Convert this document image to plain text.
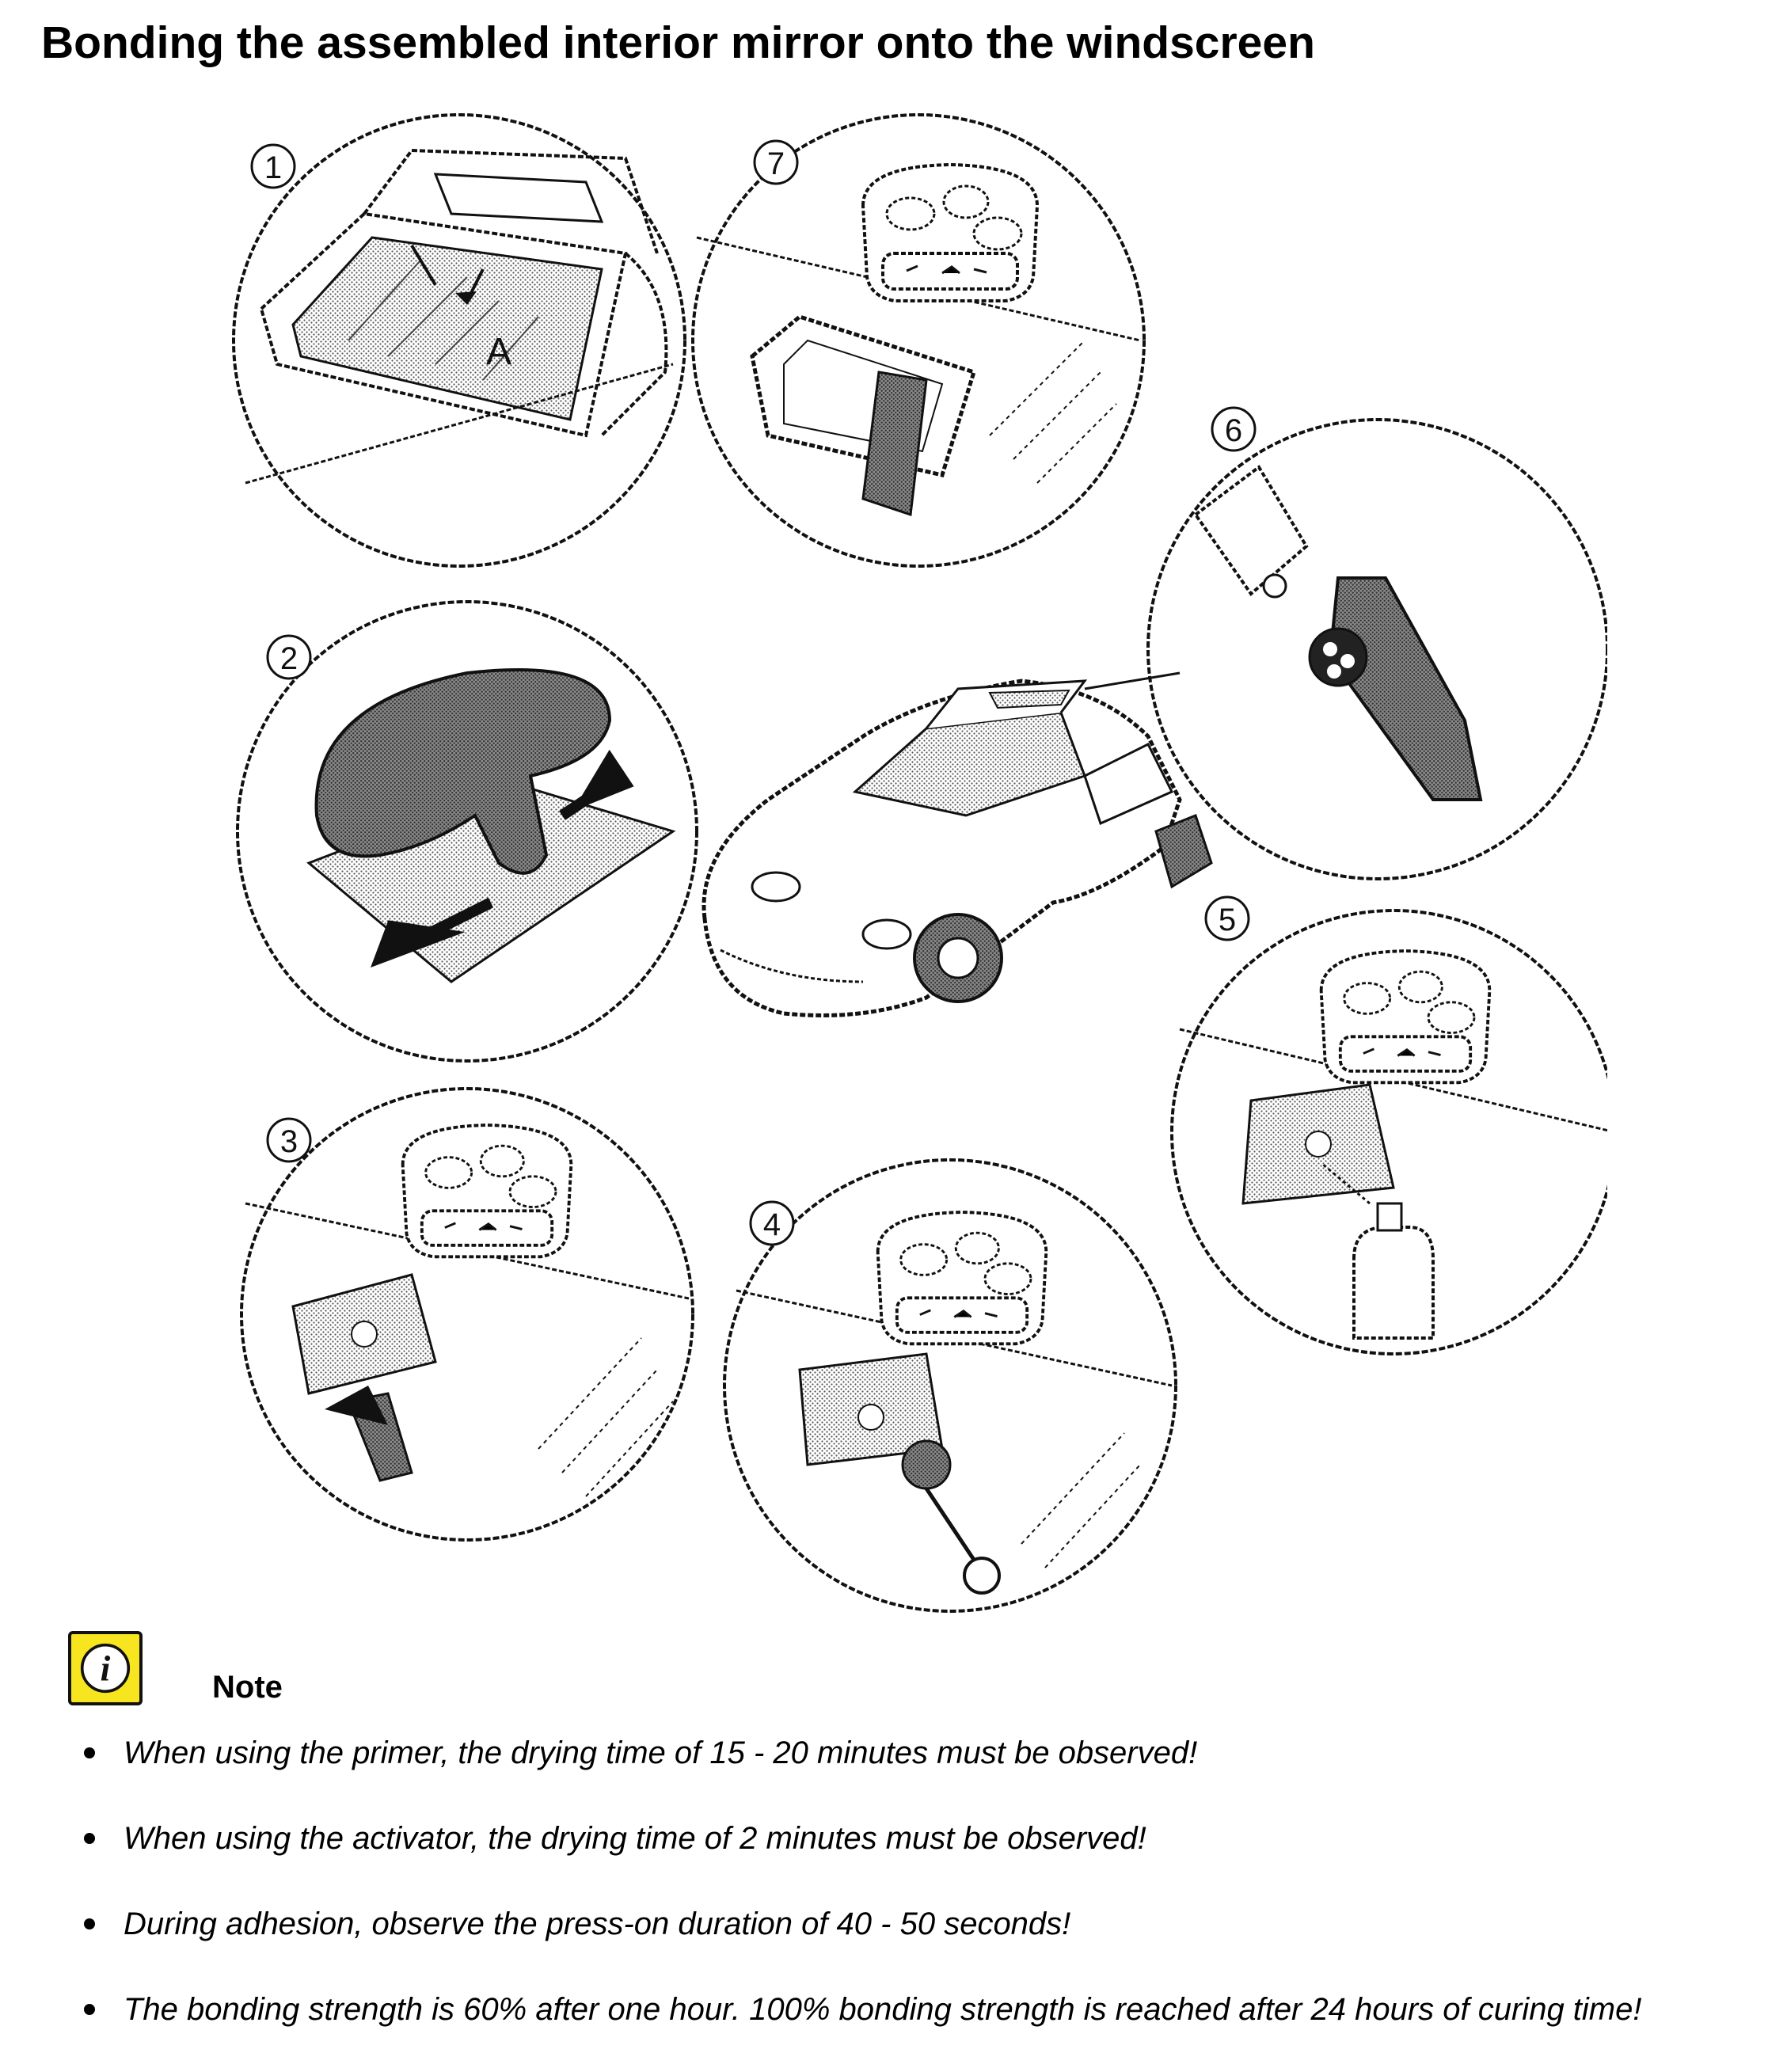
Bonding the assembled interior mirror onto the windscreen
1
A
7
6
2
5
3
4
i	Note
When using the primer, the drying time of 15 - 20 minutes must be observed!
When using the activator, the drying time of 2 minutes must be observed!
During adhesion, observe the press-on duration of 40 - 50 seconds!
The bonding strength is 60% after one hour. 100% bonding strength is reached after 24 hours of curing time!
